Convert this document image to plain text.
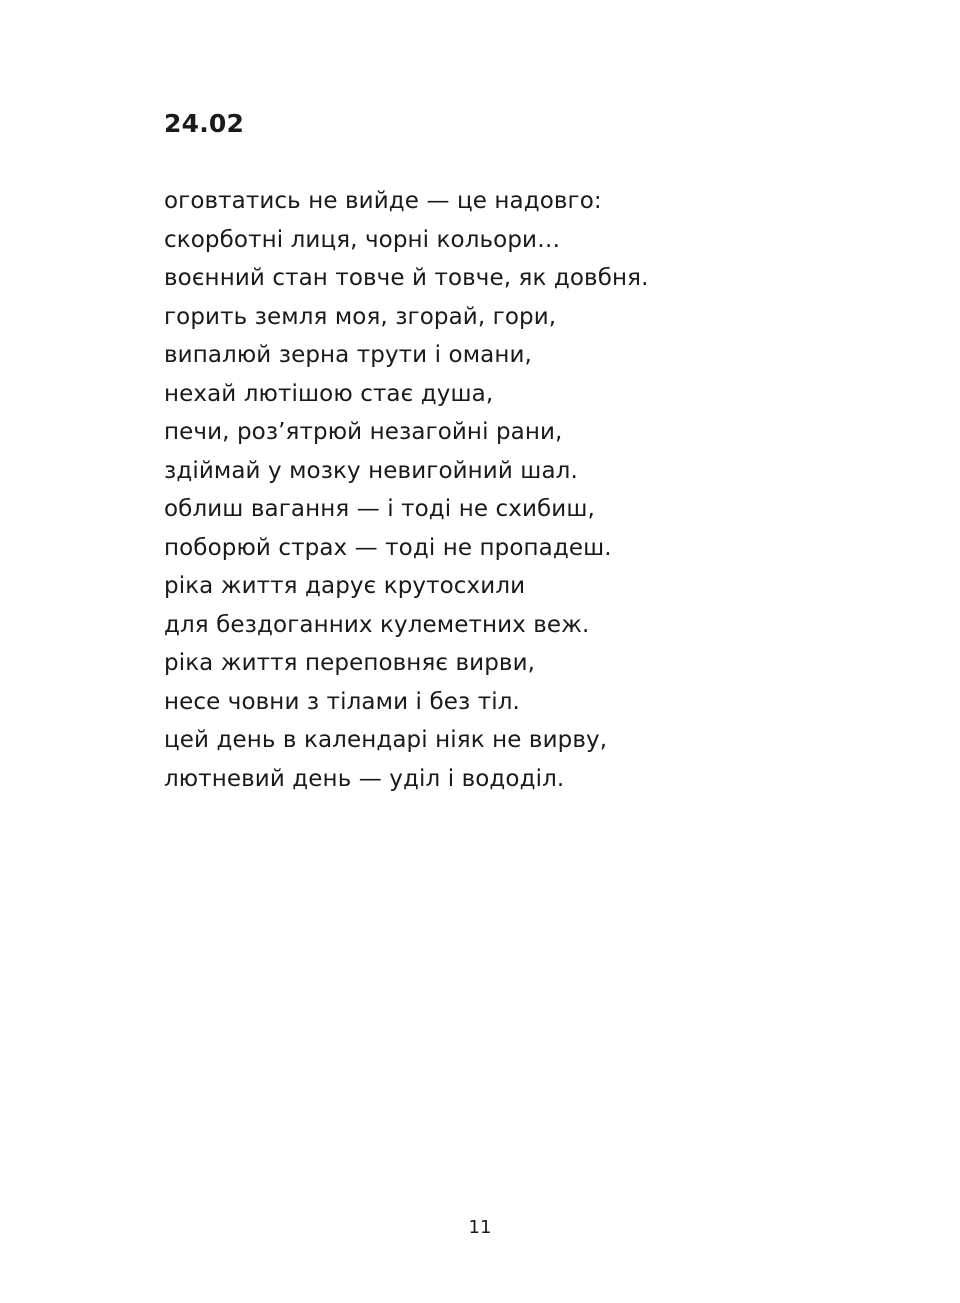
24.02
оговтатись не вийде — це надовго:
скорботні лиця, чорні кольори…
воєнний стан товче й товче, як довбня.
горить земля моя, згорай, гори,
випалюй зерна трути і омани,
нехай лютішою стає душа,
печи, роз’ятрюй незагойні рани,
здіймай у мозку невигойний шал.
облиш вагання — і тоді не схибиш,
поборюй страх — тоді не пропадеш.
ріка життя дарує крутосхили
для бездоганних кулеметних веж.
ріка життя переповняє вирви,
несе човни з тілами і без тіл.
цей день в календарі ніяк не вирву,
лютневий день — уділ і вододіл.
11
